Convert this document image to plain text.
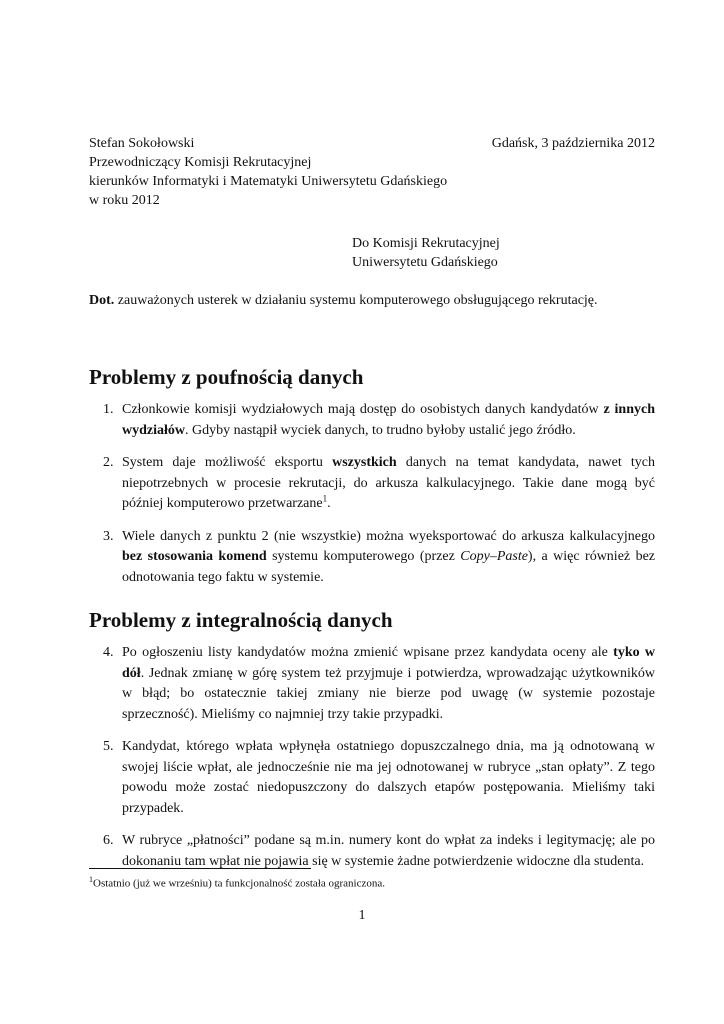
Stefan Sokołowski	Gdańsk, 3 października 2012
Przewodniczący Komisji Rekrutacyjnej
kierunków Informatyki i Matematyki Uniwersytetu Gdańskiego
w roku 2012
Do Komisji Rekrutacyjnej
Uniwersytetu Gdańskiego
Dot. zauważonych usterek w działaniu systemu komputerowego obsługującego rekrutację.
Problemy z poufnością danych
1. Członkowie komisji wydziałowych mają dostęp do osobistych danych kandydatów z innych wydziałów. Gdyby nastąpił wyciek danych, to trudno byłoby ustalić jego źródło.
2. System daje możliwość eksportu wszystkich danych na temat kandydata, nawet tych niepotrzebnych w procesie rekrutacji, do arkusza kalkulacyjnego. Takie dane mogą być później komputerowo przetwarzane$^1$.
3. Wiele danych z punktu 2 (nie wszystkie) można wyeksportować do arkusza kalkulacyjnego bez stosowania komend systemu komputerowego (przez Copy–Paste), a więc również bez odnotowania tego faktu w systemie.
Problemy z integralnością danych
4. Po ogłoszeniu listy kandydatów można zmienić wpisane przez kandydata oceny ale tyko w dół. Jednak zmianę w górę system też przyjmuje i potwierdza, wprowadzając użytkowników w błąd; bo ostatecznie takiej zmiany nie bierze pod uwagę (w systemie pozostaje sprzeczność). Mieliśmy co najmniej trzy takie przypadki.
5. Kandydat, którego wpłata wpłynęła ostatniego dopuszczalnego dnia, ma ją odnotowaną w swojej liście wpłat, ale jednocześnie nie ma jej odnotowanej w rubryce „stan opłaty”. Z tego powodu może zostać niedopuszczony do dalszych etapów postępowania. Mieliśmy taki przypadek.
6. W rubryce „płatności” podane są m.in. numery kont do wpłat za indeks i legitymację; ale po dokonaniu tam wpłat nie pojawia się w systemie żadne potwierdzenie widoczne dla studenta.
$^1$Ostatnio (już we wrześniu) ta funkcjonalność została ograniczona.
1
